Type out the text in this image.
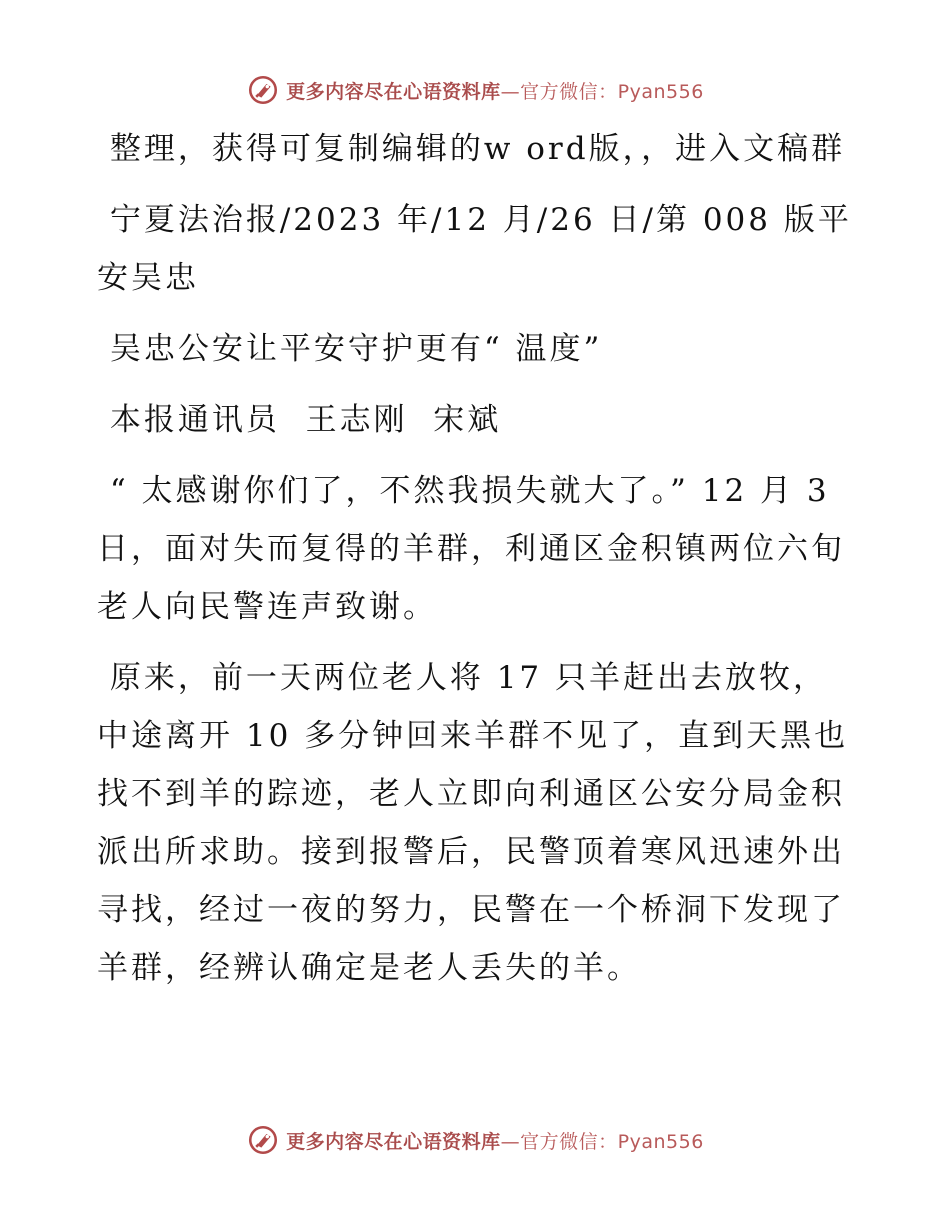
更多内容尽在心语资料库—官方微信：Pyan556

整理，获得可复制编辑的w ord版，，进入文稿群

宁夏法治报/2023 年/12 月/26 日/第 008 版平安吴忠

吴忠公安让平安守护更有“ 温度”

本报通讯员  王志刚  宋斌

“ 太感谢你们了，不然我损失就大了。” 12 月 3 日，面对失而复得的羊群，利通区金积镇两位六旬老人向民警连声致谢。

原来，前一天两位老人将 17 只羊赶出去放牧，中途离开 10 多分钟回来羊群不见了，直到天黑也找不到羊的踪迹，老人立即向利通区公安分局金积派出所求助。接到报警后，民警顶着寒风迅速外出寻找，经过一夜的努力，民警在一个桥洞下发现了羊群，经辨认确定是老人丢失的羊。

更多内容尽在心语资料库—官方微信：Pyan556
